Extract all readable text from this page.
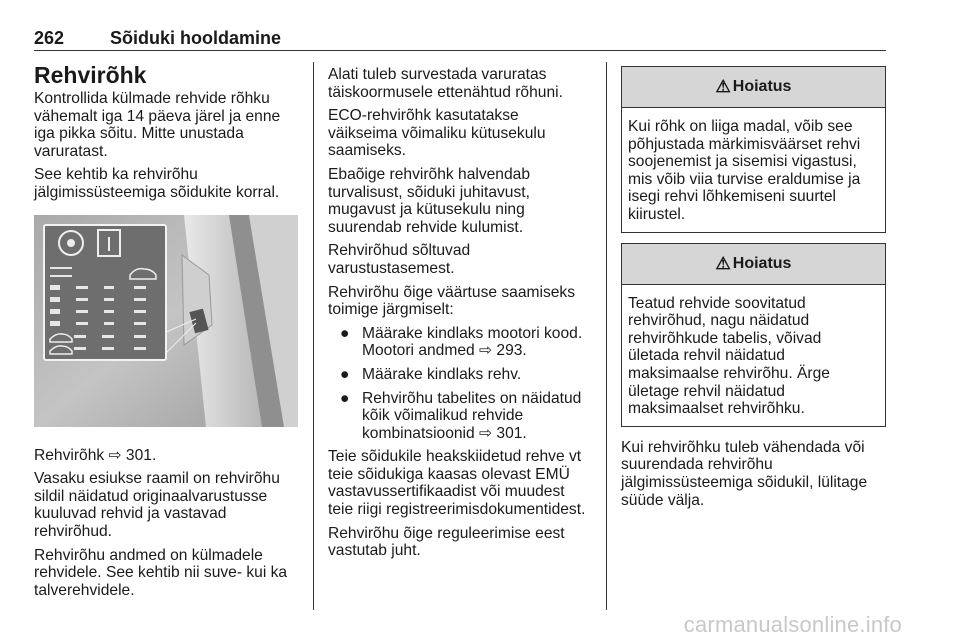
262	Sõiduki hooldamine
Rehvirõhk

Kontrollida külmade rehvide rõhku
vähemalt iga 14 päeva järel ja enne
iga pikka sõitu. Mitte unustada
varuratast.

See kehtib ka rehvirõhu
jälgimissüsteemiga sõidukite korral.

Rehvirõhk ⇨ 301.

Vasaku esiukse raamil on rehvirõhu
sildil näidatud originaalvarustusse
kuuluvad rehvid ja vastavad
rehvirõhud.

Rehvirõhu andmed on külmadele
rehvidele. See kehtib nii suve- kui ka
talverehvidele.

Alati tuleb survestada varuratas
täiskoormusele ettenähtud rõhuni.

ECO-rehvirõhk kasutatakse
väikseima võimaliku kütusekulu
saamiseks.

Ebaõige rehvirõhk halvendab
turvalisust, sõiduki juhitavust,
mugavust ja kütusekulu ning
suurendab rehvide kulumist.

Rehvirõhud sõltuvad
varustustasemest.

Rehvirõhu õige väärtuse saamiseks
toimige järgmiselt:

● Määrake kindlaks mootori kood.
Mootori andmed ⇨ 293.
● Määrake kindlaks rehv.
● Rehvirõhu tabelites on näidatud
kõik võimalikud rehvide
kombinatsioonid ⇨ 301.

Teie sõidukile heakskiidetud rehve vt
teie sõidukiga kaasas olevast EMÜ
vastavussertifikaadist või muudest
teie riigi registreerimisdokumentidest.

Rehvirõhu õige reguleerimise eest
vastutab juht.

⚠ Hoiatus
Kui rõhk on liiga madal, võib see
põhjustada märkimisväärset rehvi
soojenemist ja sisemisi vigastusi,
mis võib viia turvise eraldumise ja
isegi rehvi lõhkemiseni suurtel
kiirustel.
⚠ Hoiatus
Teatud rehvide soovitatud
rehvirõhud, nagu näidatud
rehvirõhkude tabelis, võivad
ületada rehvil näidatud
maksimaalse rehvirõhu. Ärge
ületage rehvil näidatud
maksimaalset rehvirõhku.

Kui rehvirõhku tuleb vähendada või
suurendada rehvirõhu
jälgimissüsteemiga sõidukil, lülitage
süüde välja.

carmanualsonline.info
